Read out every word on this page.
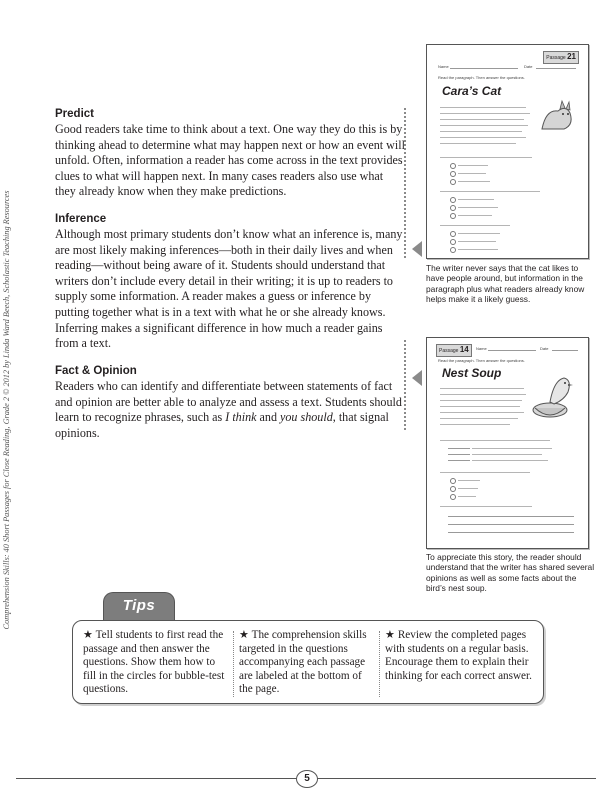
Comprehension Skills: 40 Short Passages for Close Reading, Grade 2 © 2012 by Linda Ward Beech, Scholastic Teaching Resources
Predict

Good readers take time to think about a text. One way they do this is by thinking ahead to determine what may happen next or how an event will unfold. Often, information a reader has come across in the text provides clues to what will happen next. In many cases readers also use what they already know when they make predictions.

Inference

Although most primary students don’t know what an inference is, many are most likely making inferences—both in their daily lives and when reading—without being aware of it. Students should understand that writers don’t include every detail in their writing; it is up to readers to supply some information. A reader makes a guess or inference by putting together what is in a text with what he or she already knows. Inferring makes a significant difference in how much a reader gains from a text.

Fact & Opinion

Readers who can identify and differentiate between statements of fact and opinion are better able to analyze and assess a text. Students should learn to recognize phrases, such as I think and you should, that signal opinions.

Passage 21
Name	Date
Read the paragraph. Then answer the questions.
Cara’s Cat

The writer never says that the cat likes to have people around, but information in the paragraph plus what readers already know helps make it a likely guess.

Passage 14	Name	Date
Read the paragraph. Then answer the questions.
Nest Soup

To appreciate this story, the reader should understand that the writer has shared several opinions as well as some facts about the bird’s nest soup.

Tips

★ Tell students to first read the passage and then answer the questions. Show them how to fill in the circles for bubble-test questions.

★ The comprehension skills targeted in the questions accompanying each passage are labeled at the bottom of the page.

★ Review the completed pages with students on a regular basis. Encourage them to explain their thinking for each correct answer.

5
